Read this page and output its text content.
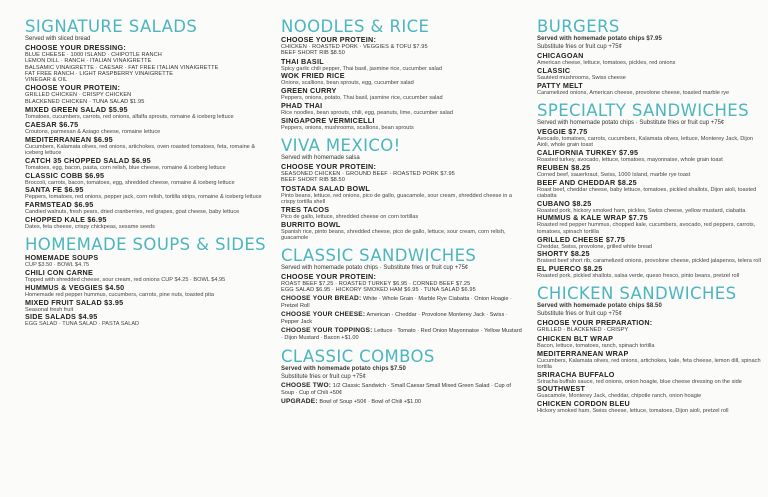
SIGNATURE SALADS
Served with sliced bread
CHOOSE YOUR DRESSING:
BLUE CHEESE · 1000 ISLAND · CHIPOTLE RANCH
LEMON DILL · RANCH · ITALIAN VINAIGRETTE
BALSAMIC VINAIGRETTE · CAESAR · FAT FREE ITALIAN VINAIGRETTE
FAT FREE RANCH · LIGHT RASPBERRY VINAIGRETTE
VINEGAR & OIL
CHOOSE YOUR PROTEIN:
GRILLED CHICKEN · CRISPY CHICKEN
BLACKENED CHICKEN · TUNA SALAD $1.95
MIXED GREEN SALAD $5.95
Tomatoes, cucumbers, carrots, red onions, alfalfa sprouts, romaine & iceberg lettuce
CAESAR $6.75
Croutons, parmesan & Asiago cheese, romaine lettuce
MEDITERRANEAN $6.95
Cucumbers, Kalamata olives, red onions, artichokes, oven roasted tomatoes, feta, romaine & iceberg lettuce
CATCH 35 CHOPPED SALAD $6.95
Tomatoes, egg, bacon, pasta, corn relish, blue cheese, romaine & iceberg lettuce
CLASSIC COBB $6.95
Broccoli, carrots, bacon, tomatoes, egg, shredded cheese, romaine & iceberg lettuce
SANTA FE $6.95
Peppers, tomatoes, red onions, pepper jack, corn relish, tortilla strips, romaine & iceberg lettuce
FARMSTEAD $6.95
Candied walnuts, fresh pears, dried cranberries, red grapes, goat cheese, baby lettuce
CHOPPED KALE $6.95
Dates, feta cheese, crispy chickpeas, sesame seeds
HOMEMADE SOUPS & SIDES
HOMEMADE SOUPS
CUP $3.50 · BOWL $4.75
CHILI CON CARNE
Topped with shredded cheese, sour cream, red onions CUP $4.25 · BOWL $4.95
HUMMUS & VEGGIES $4.50
Homemade red pepper hummus, cucumbers, carrots, pine nuts, toasted pita
MIXED FRUIT SALAD $3.95
Seasonal fresh fruit
SIDE SALADS $4.95
EGG SALAD · TUNA SALAD · PASTA SALAD
NOODLES & RICE
CHOOSE YOUR PROTEIN:
CHICKEN · ROASTED PORK · VEGGIES & TOFU $7.95
BEEF SHORT RIB $8.50
THAI BASIL
Spicy garlic chili pepper, Thai basil, jasmine rice, cucumber salad
WOK FRIED RICE
Onions, scallions, bean sprouts, egg, cucumber salad
GREEN CURRY
Peppers, onions, potato, Thai basil, jasmine rice, cucumber salad
PHAD THAI
Rice noodles, bean sprouts, chili, egg, peanuts, lime, cucumber salad
SINGAPORE VERMICELLI
Peppers, onions, mushrooms, scallions, bean sprouts
VIVA MEXICO!
Served with homemade salsa
CHOOSE YOUR PROTEIN:
SEASONED CHICKEN · GROUND BEEF · ROASTED PORK $7.95
BEEF SHORT RIB $8.50
TOSTADA SALAD BOWL
Pinto beans, lettuce, red onions, pico de gallo, guacamole, sour cream, shredded cheese in a crispy tortilla shell
TRES TACOS
Pico de gallo, lettuce, shredded cheese on corn tortillas
BURRITO BOWL
Spanish rice, pinto beans, shredded cheese, pico de gallo, lettuce, sour cream, corn relish, guacamole
CLASSIC SANDWICHES
Served with homemade potato chips · Substitute fries or fruit cup +75¢
CHOOSE YOUR PROTEIN:
ROAST BEEF $7.25 · ROASTED TURKEY $6.95 · CORNED BEEF $7.25
EGG SALAD $6.95 · HICKORY SMOKED HAM $6.95 · TUNA SALAD $6.95
CHOOSE YOUR BREAD: White · Whole Grain · Marble Rye Ciabatta · Onion Hoagie · Pretzel Roll
CHOOSE YOUR CHEESE: American · Cheddar · Provolone Monterey Jack · Swiss · Pepper Jack
CHOOSE YOUR TOPPINGS: Lettuce · Tomato · Red Onion Mayonnaise · Yellow Mustard · Dijon Mustard · Bacon +$1.00
CLASSIC COMBOS
Served with homemade potato chips $7.50
Substitute fries or fruit cup +75¢
CHOOSE TWO: 1/2 Classic Sandwich · Small Caesar Small Mixed Green Salad · Cup of Soup · Cup of Chili +50¢
UPGRADE: Bowl of Soup +50¢ · Bowl of Chili +$1.00
BURGERS
Served with homemade potato chips $7.95
Substitute fries or fruit cup +75¢
CHICAGOAN
American cheese, lettuce, tomatoes, pickles, red onions
CLASSIC
Sautéed mushrooms, Swiss cheese
PATTY MELT
Caramelized onions, American cheese, provolone cheese, toasted marble rye
SPECIALTY SANDWICHES
Served with homemade potato chips · Substitute fries or fruit cup +75¢
VEGGIE $7.75
Avocado, tomatoes, carrots, cucumbers, Kalamata olives, lettuce, Monterey Jack, Dijon Aioli, whole grain toast
CALIFORNIA TURKEY $7.95
Roasted turkey, avocado, lettuce, tomatoes, mayonnaise, whole grain toast
REUBEN $8.25
Corned beef, sauerkraut, Swiss, 1000 Island, marble rye toast
BEEF AND CHEDDAR $8.25
Roast beef, cheddar cheese, baby lettuce, tomatoes, pickled shallots, Dijon aioli, toasted ciabatta
CUBANO $8.25
Roasted pork, hickory smoked ham, pickles, Swiss cheese, yellow mustard, ciabatta
HUMMUS & KALE WRAP $7.75
Roasted red pepper hummus, chopped kale, cucumbers, avocado, red peppers, carrots, tomatoes, spinach tortilla
GRILLED CHEESE $7.75
Cheddar, Swiss, provolone, grilled white bread
SHORTY $8.25
Braised beef short rib, caramelized onions, provolone cheese, pickled jalapenos, telera roll
EL PUERCO $8.25
Roasted pork, pickled shallots, salsa verde, queso fresco, pinto beans, pretzel roll
CHICKEN SANDWICHES
Served with homemade potato chips $8.50
Substitute fries or fruit cup +75¢
CHOOSE YOUR PREPARATION:
GRILLED · BLACKENED · CRISPY
CHICKEN BLT WRAP
Bacon, lettuce, tomatoes, ranch, spinach tortilla
MEDITERRANEAN WRAP
Cucumbers, Kalamata olives, red onions, artichokes, kale, feta cheese, lemon dill, spinach tortilla
SRIRACHA BUFFALO
Sriracha buffalo sauce, red onions, onion hoagie, blue cheese dressing on the side
SOUTHWEST
Guacamole, Monterey Jack, cheddar, chipotle ranch, onion hoagie
CHICKEN CORDON BLEU
Hickory smoked ham, Swiss cheese, lettuce, tomatoes, Dijon aioli, pretzel roll
